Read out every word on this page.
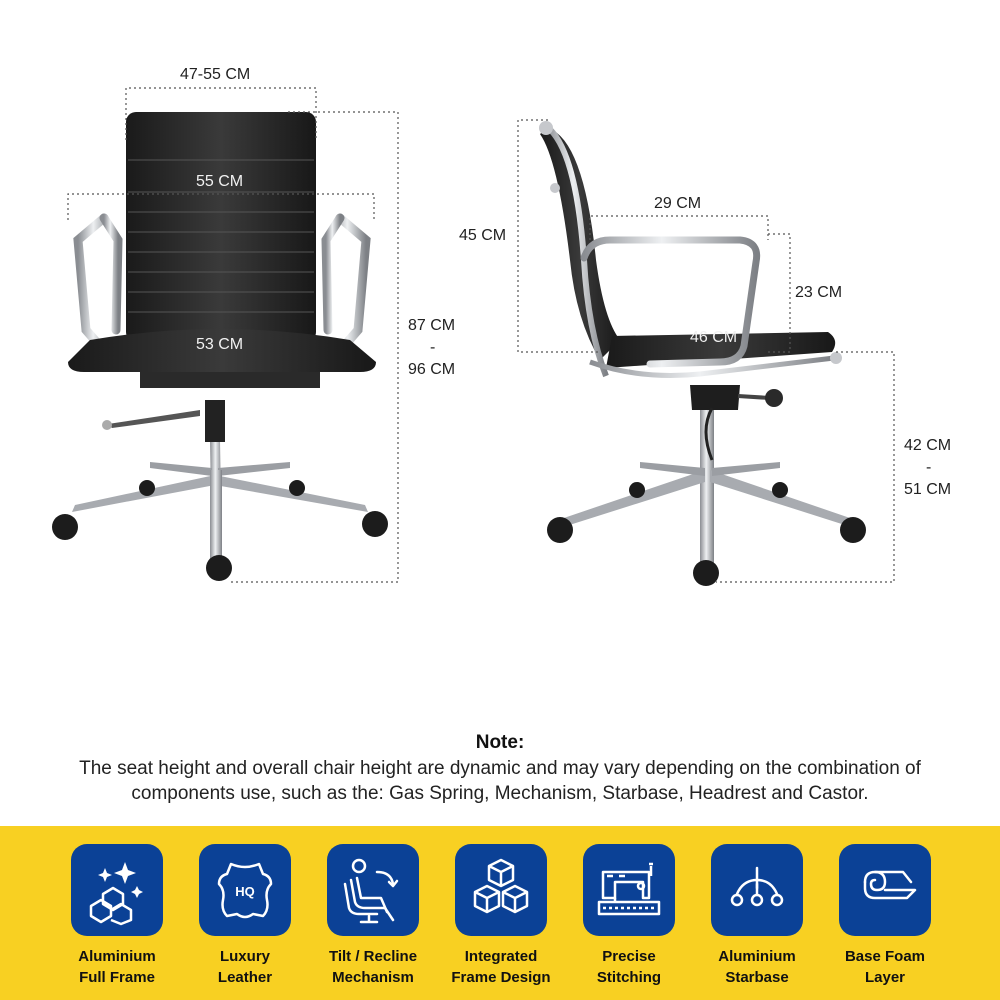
47-55 CM
55 CM
53 CM
87 CM
-
96 CM
45 CM
29 CM
23 CM
46 CM
42 CM
-
51 CM
Note:
The seat height and overall chair height are dynamic and may vary depending on the combination of components use, such as the: Gas Spring, Mechanism, Starbase, Headrest and Castor.
Aluminium
Full Frame
HQ
Luxury
Leather
Tilt / Recline
Mechanism
Integrated
Frame Design
Precise
Stitching
Aluminium
Starbase
Base Foam
Layer
